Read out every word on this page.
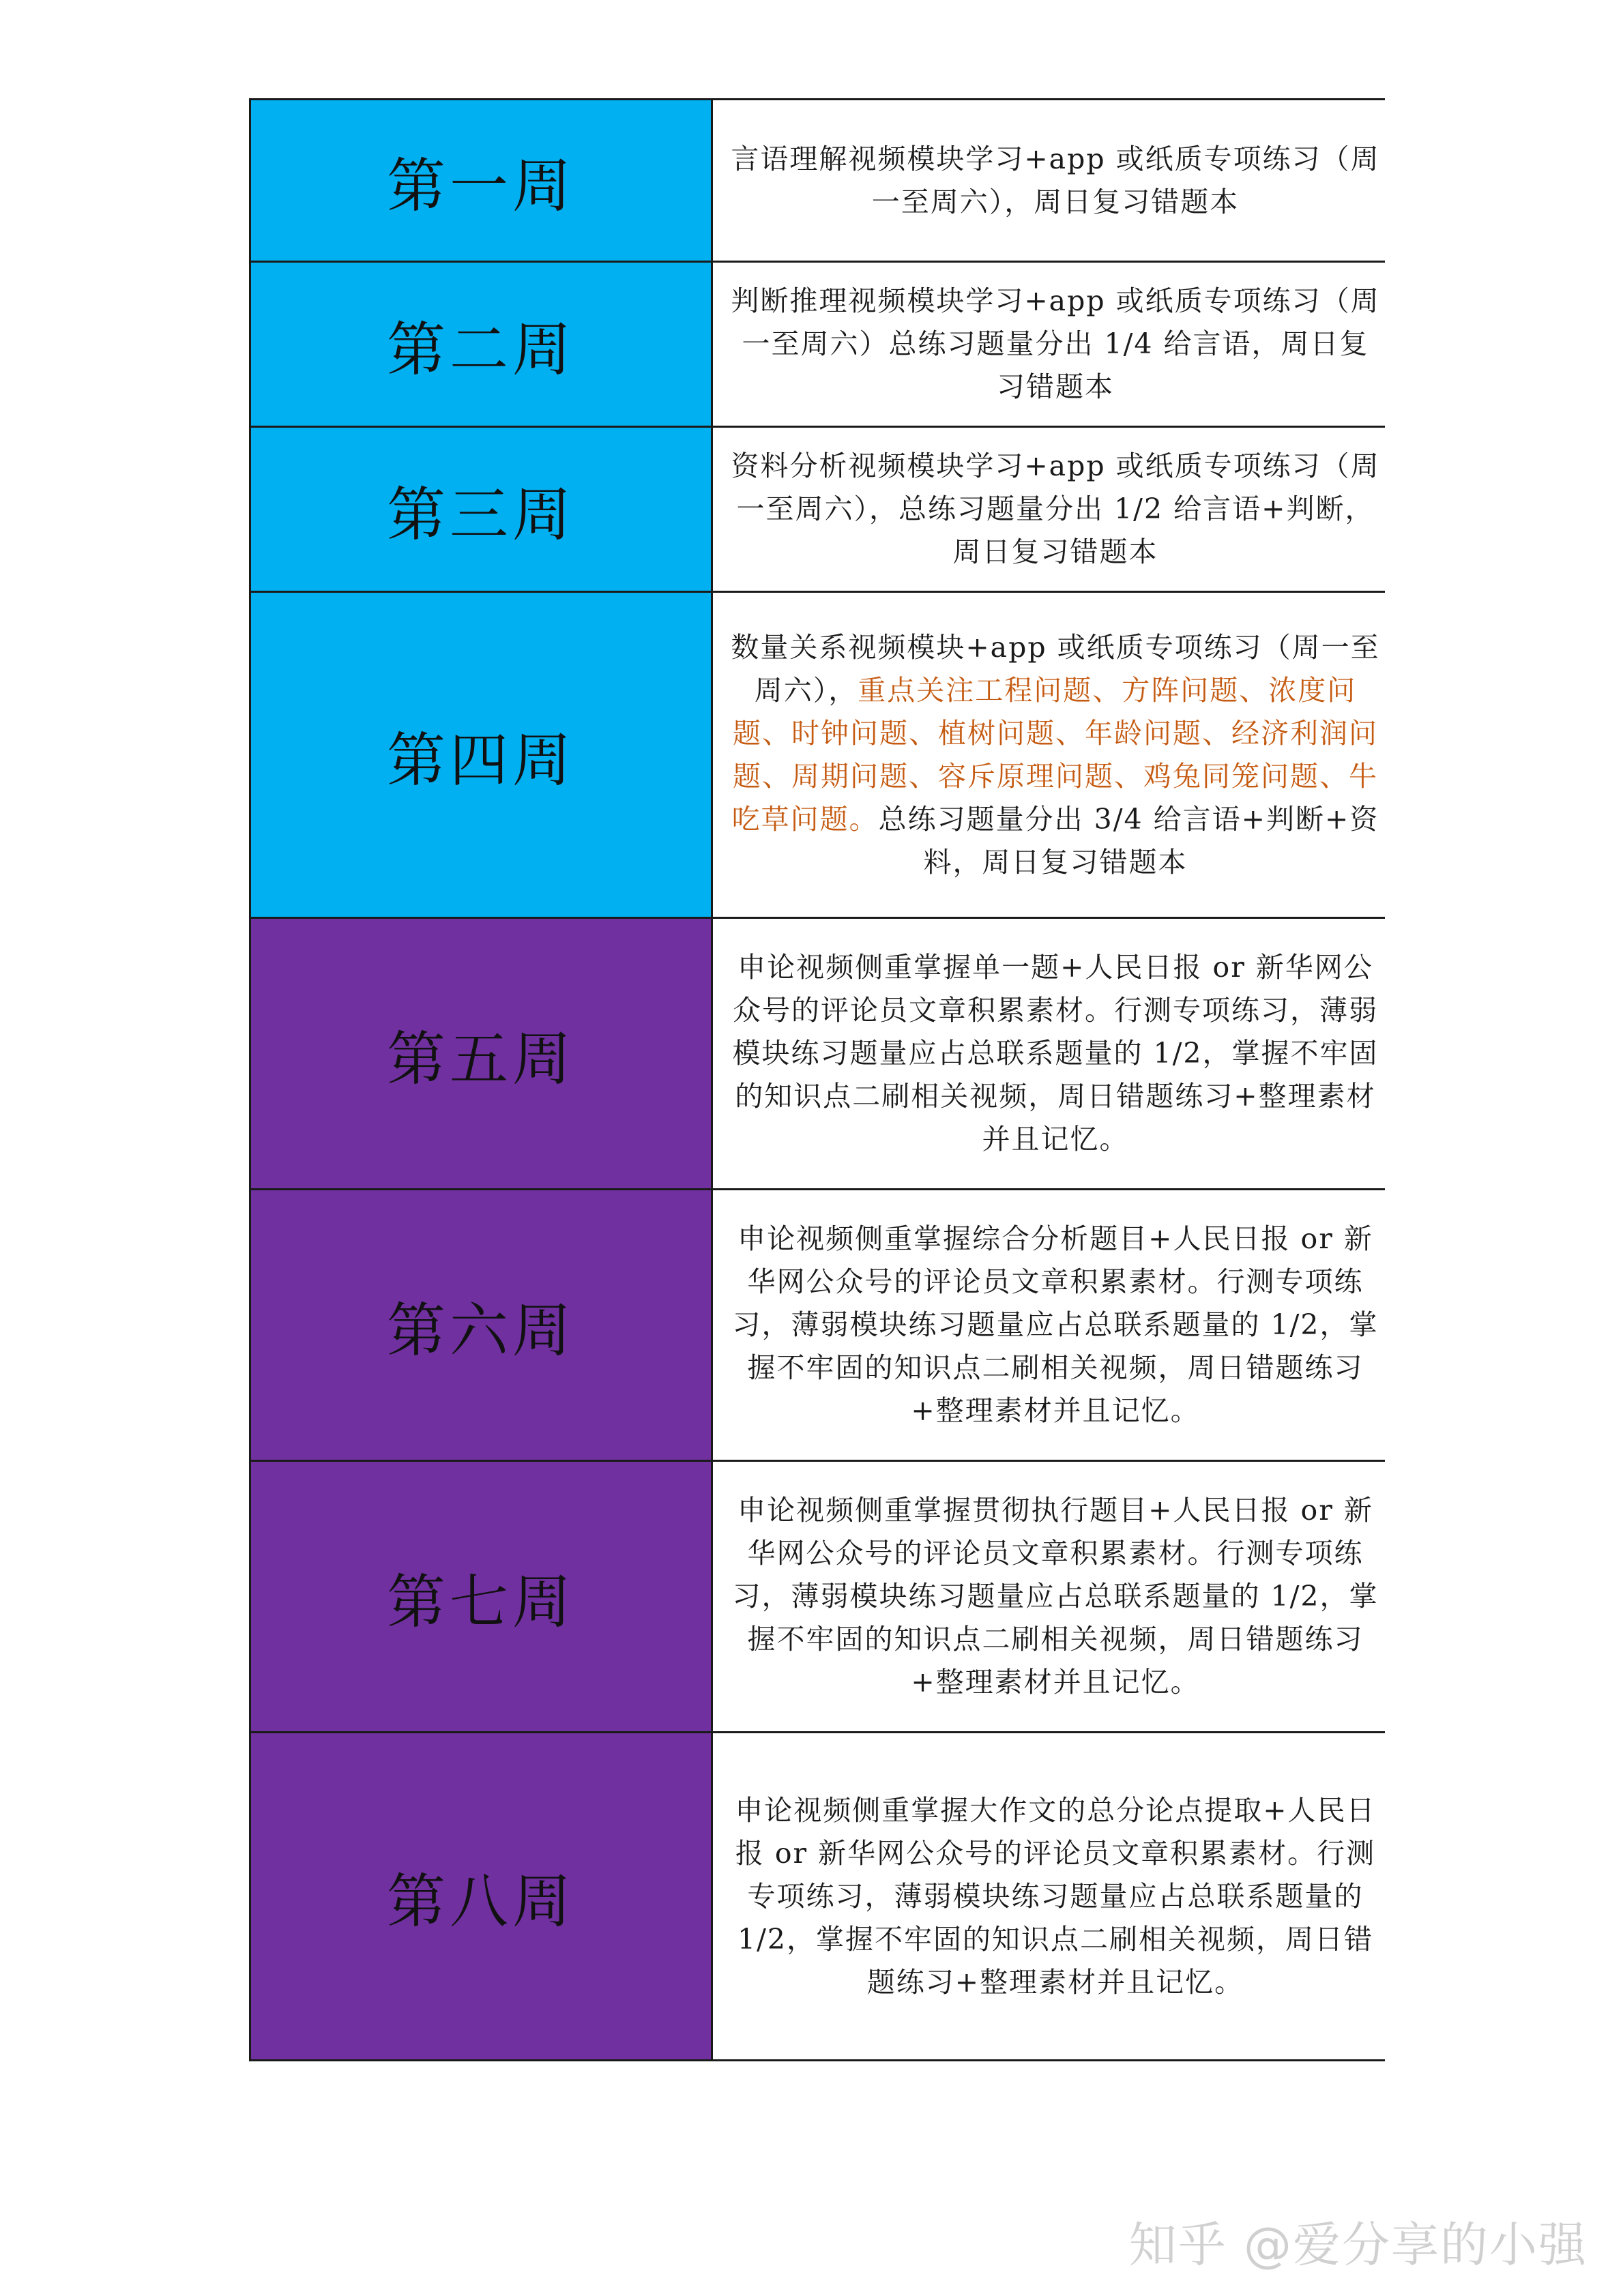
第一周	言语理解视频模块学习+app 或纸质专项练习（周一至周六），周日复习错题本
第二周
判断推理视频模块学习+app 或纸质专项练习（周一至周六）总练习题量分出 1/4 给言语，周日复习错题本
第三周
资料分析视频模块学习+app 或纸质专项练习（周一至周六），总练习题量分出 1/2 给言语+判断，周日复习错题本
第四周
数量关系视频模块+app 或纸质专项练习（周一至周六），重点关注工程问题、方阵问题、浓度问题、时钟问题、植树问题、年龄问题、经济利润问题、周期问题、容斥原理问题、鸡兔同笼问题、牛吃草问题。总练习题量分出 3/4 给言语+判断+资料，周日复习错题本
第五周
申论视频侧重掌握单一题+人民日报 or 新华网公众号的评论员文章积累素材。行测专项练习，薄弱模块练习题量应占总联系题量的 1/2，掌握不牢固的知识点二刷相关视频，周日错题练习+整理素材并且记忆。
第六周
申论视频侧重掌握综合分析题目+人民日报 or 新华网公众号的评论员文章积累素材。行测专项练习，薄弱模块练习题量应占总联系题量的 1/2，掌握不牢固的知识点二刷相关视频，周日错题练习+整理素材并且记忆。
第七周
申论视频侧重掌握贯彻执行题目+人民日报 or 新华网公众号的评论员文章积累素材。行测专项练习，薄弱模块练习题量应占总联系题量的 1/2，掌握不牢固的知识点二刷相关视频，周日错题练习+整理素材并且记忆。
第八周
申论视频侧重掌握大作文的总分论点提取+人民日报 or 新华网公众号的评论员文章积累素材。行测专项练习，薄弱模块练习题量应占总联系题量的 1/2，掌握不牢固的知识点二刷相关视频，周日错题练习+整理素材并且记忆。
知乎 @爱分享的小强
